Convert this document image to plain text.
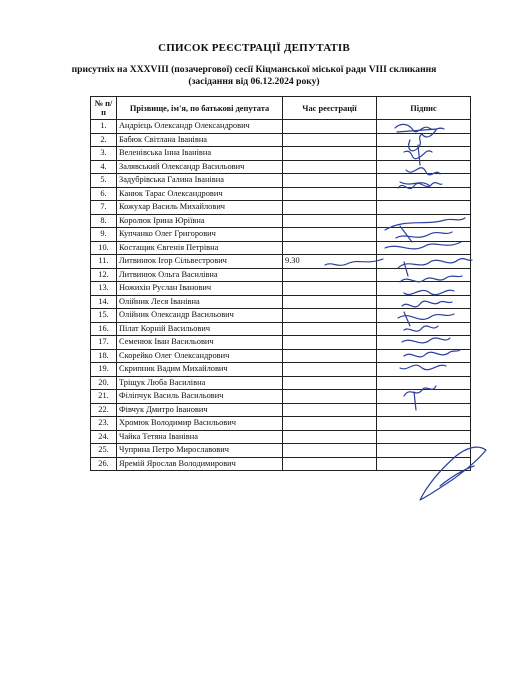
СПИСОК РЕЄСТРАЦІЇ ДЕПУТАТІВ
присутніх на XXXVIII (позачергової) сесії Кіцманської міської ради VIII скликання
(засідання від 06.12.2024 року)
№ п/п	Прізвище, ім'я, по батькові депутата	Час реєстрації	Підпис
1.	Андрієць Олександр Олександрович		
2.	Бабюк Світлана Іванівна		
3.	Веленівська Інна Іванівна		
4.	Залявський Олександр Васильович		
5.	Задубрівська Галина Іванівна		
6.	Канюк Тарас Олександрович		
7.	Кожухар Василь Михайлович		
8.	Королюк Ірина Юріївна		
9.	Купчанко Олег Григорович		
10.	Костащик Євгенія Петрівна		
11.	Литвинюк Ігор Сільвестрович	9.30	
12.	Литвинюк Ольга Василівна		
13.	Ножихін Руслан Іванович		
14.	Олійник Леся Іванівна		
15.	Олійник Олександр Васильович		
16.	Пілат Корній Васильович		
17.	Семенюк Іван Васильович		
18.	Скорейко Олег Олександрович		
19.	Скрипник Вадим Михайлович		
20.	Тріщук Люба Василівна		
21.	Філіпчук Василь Васильович		
22.	Фівчук Дмитро Іванович		
23.	Хромюк Володимир Васильович		
24.	Чайка Тетяна Іванівна		
25.	Чуприна Петро Мирославович		
26.	Яремій Ярослав Володимирович		
